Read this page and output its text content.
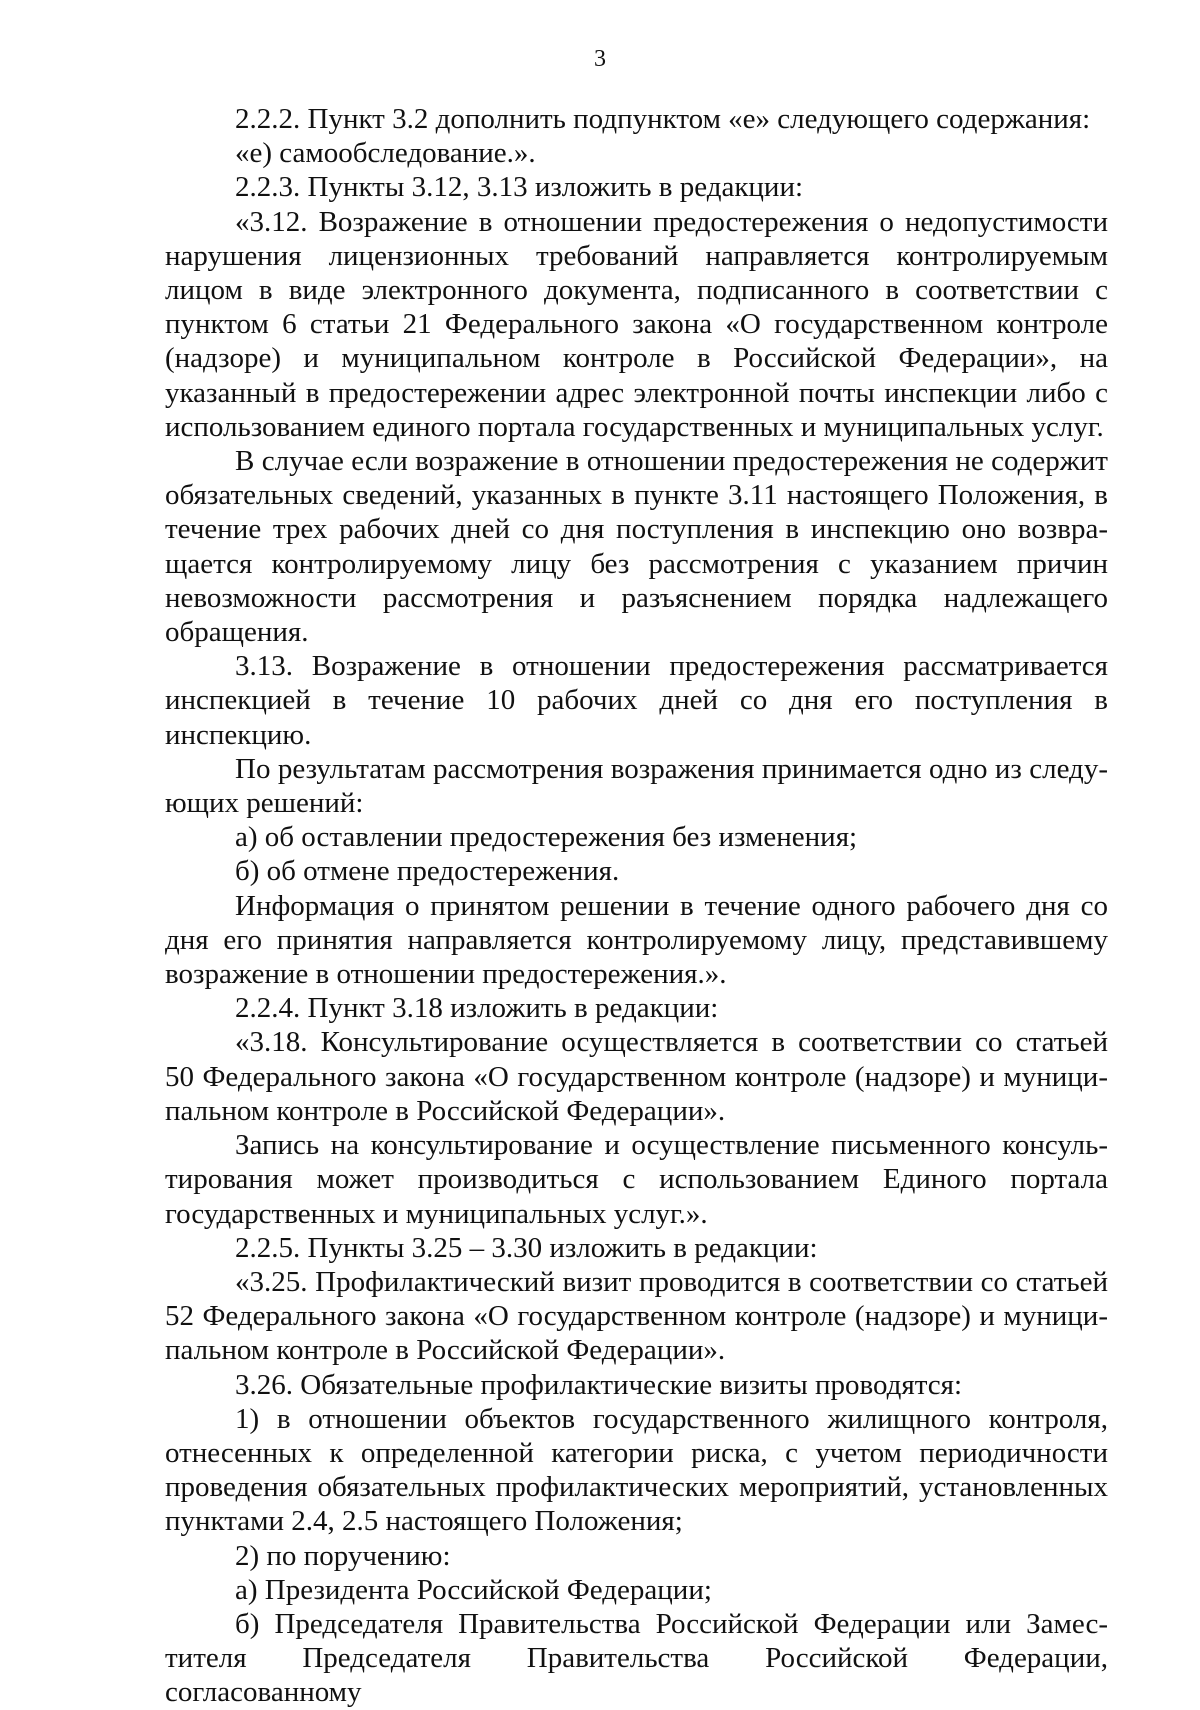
3

2.2.2. Пункт 3.2 дополнить подпунктом «е» следующего содержания:

«е) самообследование.».

2.2.3. Пункты 3.12, 3.13 изложить в редакции:

«3.12. Возражение в отношении предостережения о недопустимости нарушения лицензионных требований направляется контролируемым лицом в виде электронного документа, подписанного в соответствии с пунктом 6 статьи 21 Федерального закона «О государственном контроле (надзоре) и муниципальном контроле в Российской Федерации», на указанный в предостережении адрес электронной почты инспекции либо с использованием единого портала государственных и муниципальных услуг.

В случае если возражение в отношении предостережения не содержит обязательных сведений, указанных в пункте 3.11 настоящего Положения, в течение трех рабочих дней со дня поступления в инспекцию оно возвращается контролируемому лицу без рассмотрения с указанием причин невозможности рассмотрения и разъяснением порядка надлежащего обращения.

3.13. Возражение в отношении предостережения рассматривается инспекцией в течение 10 рабочих дней со дня его поступления в инспекцию.

По результатам рассмотрения возражения принимается одно из следующих решений:

а) об оставлении предостережения без изменения;

б) об отмене предостережения.

Информация о принятом решении в течение одного рабочего дня со дня его принятия направляется контролируемому лицу, представившему возражение в отношении предостережения.».

2.2.4. Пункт 3.18 изложить в редакции:

«3.18. Консультирование осуществляется в соответствии со статьей 50 Федерального закона «О государственном контроле (надзоре) и муниципальном контроле в Российской Федерации».

Запись на консультирование и осуществление письменного консультирования может производиться с использованием Единого портала государственных и муниципальных услуг.».

2.2.5. Пункты 3.25 – 3.30 изложить в редакции:

«3.25. Профилактический визит проводится в соответствии со статьей 52 Федерального закона «О государственном контроле (надзоре) и муниципальном контроле в Российской Федерации».

3.26. Обязательные профилактические визиты проводятся:

1) в отношении объектов государственного жилищного контроля, отнесенных к определенной категории риска, с учетом периодичности проведения обязательных профилактических мероприятий, установленных пунктами 2.4, 2.5 настоящего Положения;

2) по поручению:

а) Президента Российской Федерации;

б) Председателя Правительства Российской Федерации или Заместителя Председателя Правительства Российской Федерации, согласованному
